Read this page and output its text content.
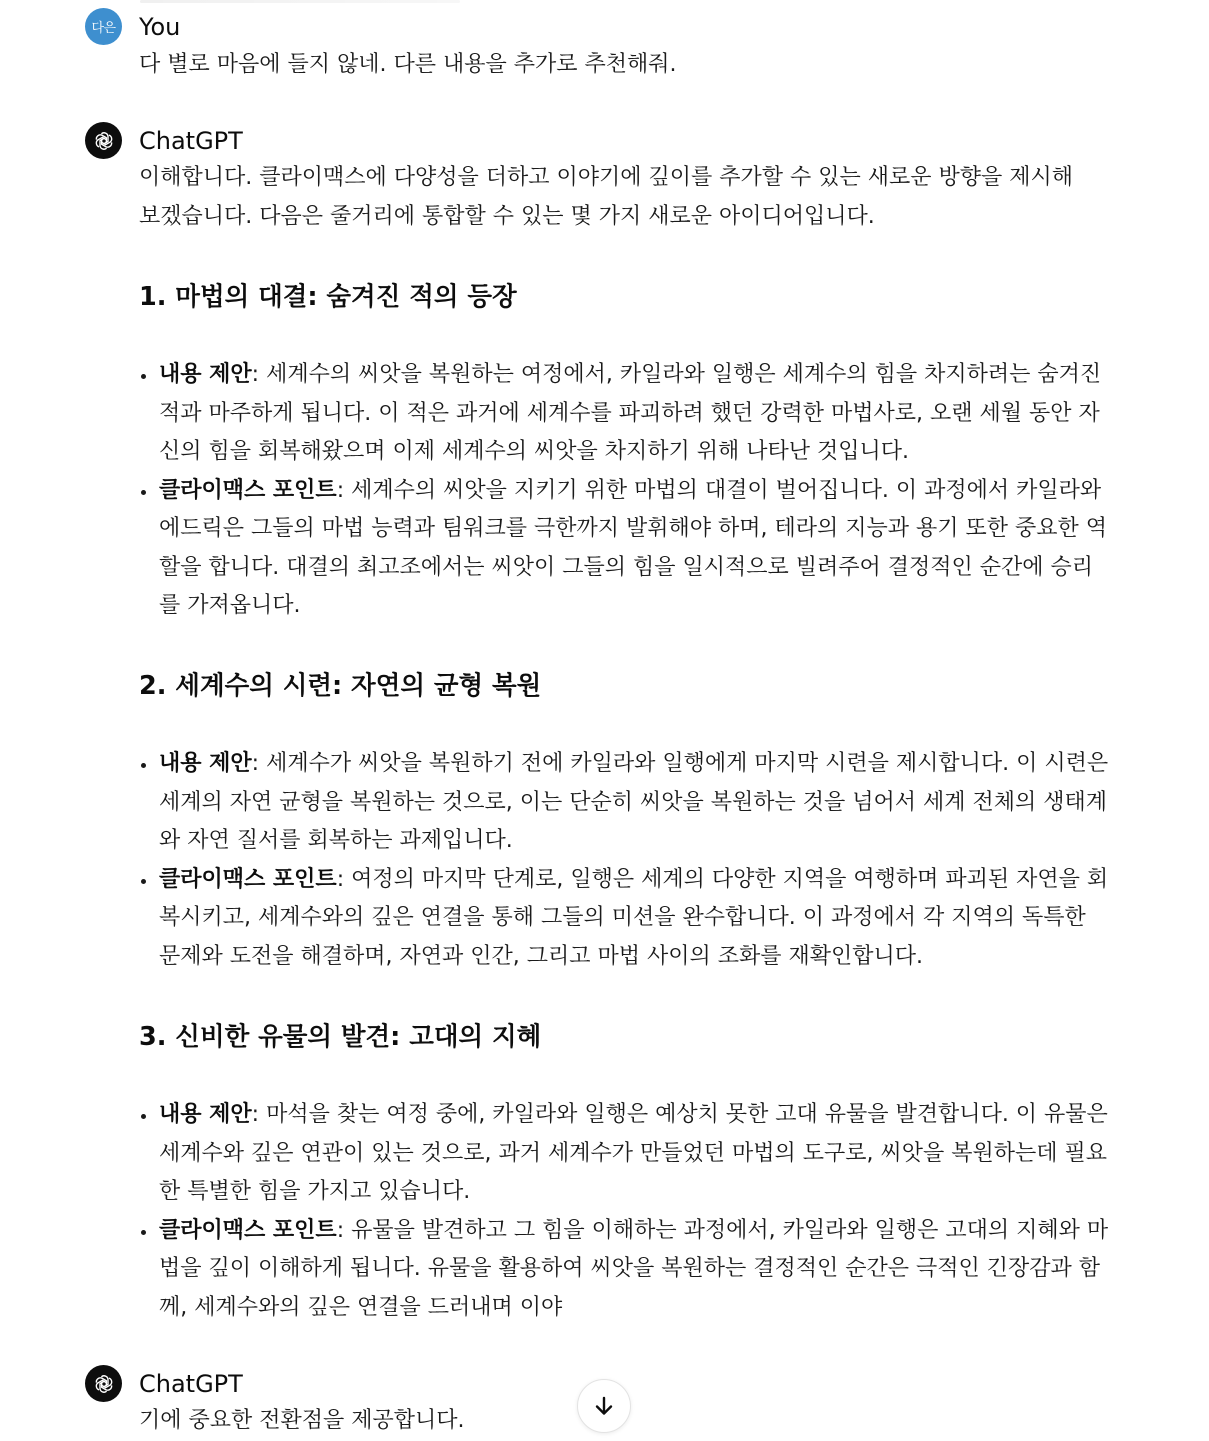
다은 You

다 별로 마음에 들지 않네. 다른 내용을 추가로 추천해줘.

ChatGPT

이해합니다. 클라이맥스에 다양성을 더하고 이야기에 깊이를 추가할 수 있는 새로운 방향을 제시해

보겠습니다. 다음은 줄거리에 통합할 수 있는 몇 가지 새로운 아이디어입니다.

1. 마법의 대결: 숨겨진 적의 등장
내용 제안: 세계수의 씨앗을 복원하는 여정에서, 카일라와 일행은 세계수의 힘을 차지하려는 숨겨진 적과 마주하게 됩니다. 이 적은 과거에 세계수를 파괴하려 했던 강력한 마법사로, 오랜 세월 동안 자신의 힘을 회복해왔으며 이제 세계수의 씨앗을 차지하기 위해 나타난 것입니다.
클라이맥스 포인트: 세계수의 씨앗을 지키기 위한 마법의 대결이 벌어집니다. 이 과정에서 카일라와 에드릭은 그들의 마법 능력과 팀워크를 극한까지 발휘해야 하며, 테라의 지능과 용기 또한 중요한 역할을 합니다. 대결의 최고조에서는 씨앗이 그들의 힘을 일시적으로 빌려주어 결정적인 순간에 승리를 가져옵니다.
2. 세계수의 시련: 자연의 균형 복원
내용 제안: 세계수가 씨앗을 복원하기 전에 카일라와 일행에게 마지막 시련을 제시합니다. 이 시련은 세계의 자연 균형을 복원하는 것으로, 이는 단순히 씨앗을 복원하는 것을 넘어서 세계 전체의 생태계와 자연 질서를 회복하는 과제입니다.
클라이맥스 포인트: 여정의 마지막 단계로, 일행은 세계의 다양한 지역을 여행하며 파괴된 자연을 회복시키고, 세계수와의 깊은 연결을 통해 그들의 미션을 완수합니다. 이 과정에서 각 지역의 독특한 문제와 도전을 해결하며, 자연과 인간, 그리고 마법 사이의 조화를 재확인합니다.
3. 신비한 유물의 발견: 고대의 지혜
내용 제안: 마석을 찾는 여정 중에, 카일라와 일행은 예상치 못한 고대 유물을 발견합니다. 이 유물은 세계수와 깊은 연관이 있는 것으로, 과거 세계수가 만들었던 마법의 도구로, 씨앗을 복원하는데 필요한 특별한 힘을 가지고 있습니다.
클라이맥스 포인트: 유물을 발견하고 그 힘을 이해하는 과정에서, 카일라와 일행은 고대의 지혜와 마법을 깊이 이해하게 됩니다. 유물을 활용하여 씨앗을 복원하는 결정적인 순간은 극적인 긴장감과 함께, 세계수와의 깊은 연결을 드러내며 이야
ChatGPT

기에 중요한 전환점을 제공합니다.
